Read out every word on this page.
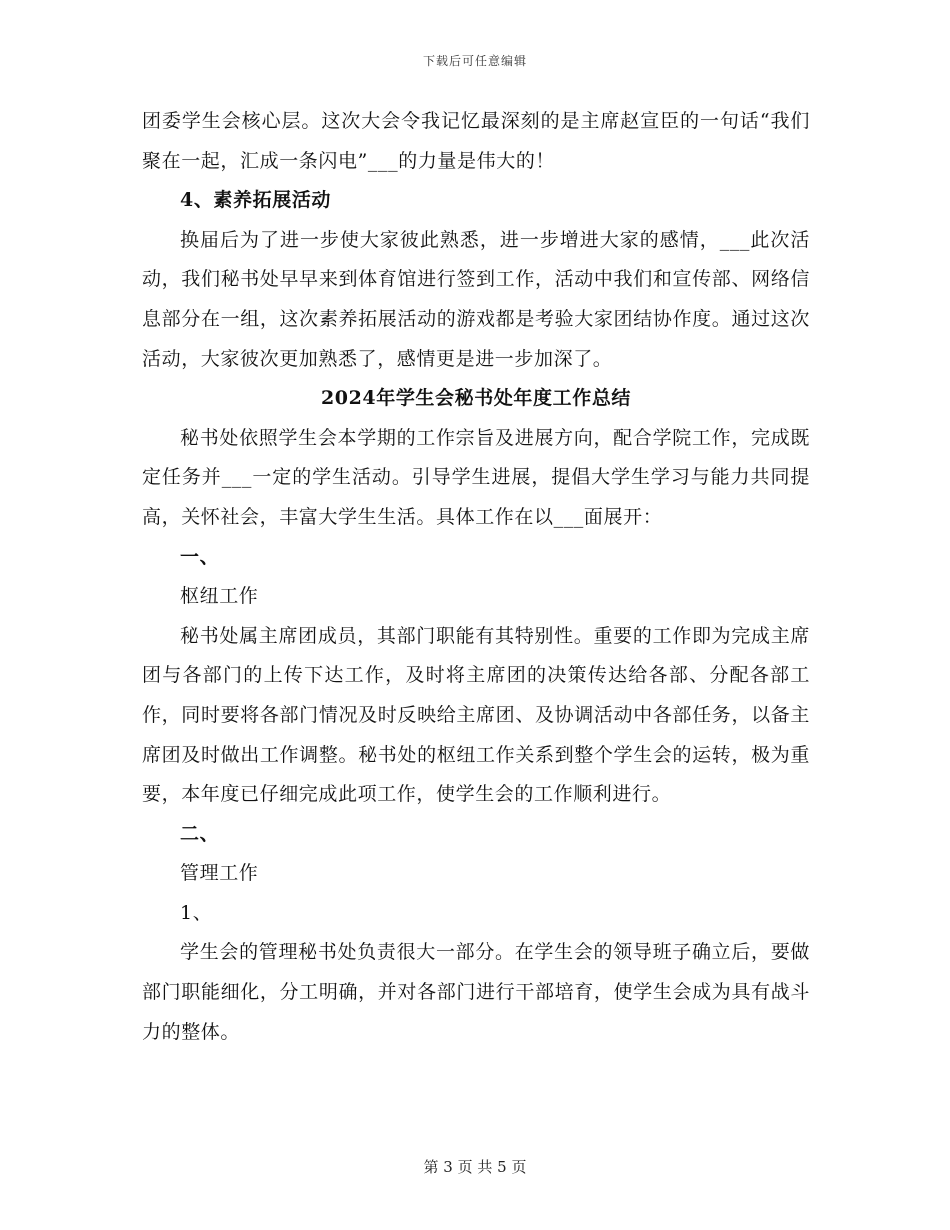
下载后可任意编辑

团委学生会核心层。这次大会令我记忆最深刻的是主席赵宣臣的一句话“我们聚在一起，汇成一条闪电”___的力量是伟大的！

4、素养拓展活动

换届后为了进一步使大家彼此熟悉，进一步增进大家的感情，___此次活动，我们秘书处早早来到体育馆进行签到工作，活动中我们和宣传部、网络信息部分在一组，这次素养拓展活动的游戏都是考验大家团结协作度。通过这次活动，大家彼次更加熟悉了，感情更是进一步加深了。

2024年学生会秘书处年度工作总结

秘书处依照学生会本学期的工作宗旨及进展方向，配合学院工作，完成既定任务并___一定的学生活动。引导学生进展，提倡大学生学习与能力共同提高，关怀社会，丰富大学生生活。具体工作在以___面展开：

一、

枢纽工作

秘书处属主席团成员，其部门职能有其特别性。重要的工作即为完成主席团与各部门的上传下达工作，及时将主席团的决策传达给各部、分配各部工作，同时要将各部门情况及时反映给主席团、及协调活动中各部任务，以备主席团及时做出工作调整。秘书处的枢纽工作关系到整个学生会的运转，极为重要，本年度已仔细完成此项工作，使学生会的工作顺利进行。

二、

管理工作

1、

学生会的管理秘书处负责很大一部分。在学生会的领导班子确立后，要做部门职能细化，分工明确，并对各部门进行干部培育，使学生会成为具有战斗力的整体。

第 3 页 共 5 页
